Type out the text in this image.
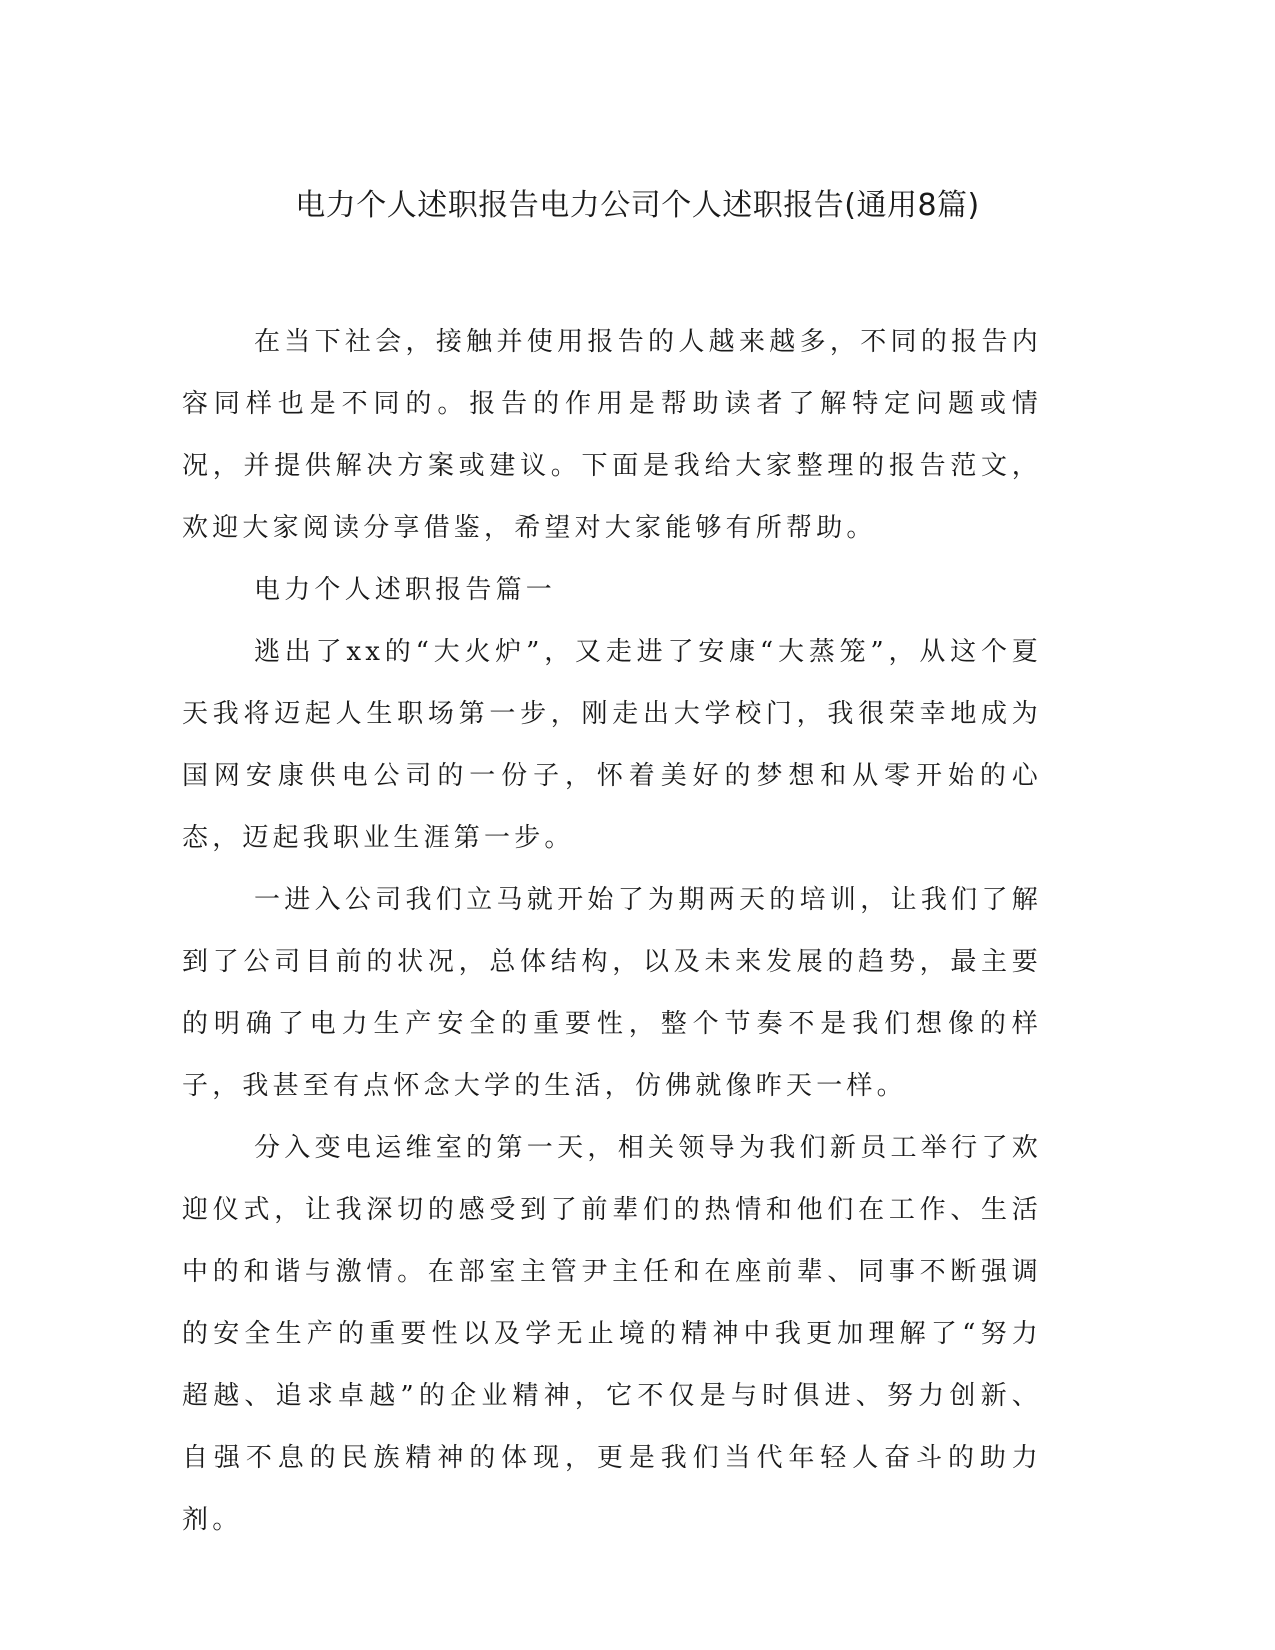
电力个人述职报告电力公司个人述职报告(通用8篇)

在当下社会，接触并使用报告的人越来越多，不同的报告内容同样也是不同的。报告的作用是帮助读者了解特定问题或情况，并提供解决方案或建议。下面是我给大家整理的报告范文，欢迎大家阅读分享借鉴，希望对大家能够有所帮助。

电力个人述职报告篇一

逃出了xx的“大火炉”，又走进了安康“大蒸笼”，从这个夏天我将迈起人生职场第一步，刚走出大学校门，我很荣幸地成为国网安康供电公司的一份子，怀着美好的梦想和从零开始的心态，迈起我职业生涯第一步。

一进入公司我们立马就开始了为期两天的培训，让我们了解到了公司目前的状况，总体结构，以及未来发展的趋势，最主要的明确了电力生产安全的重要性，整个节奏不是我们想像的样子，我甚至有点怀念大学的生活，仿佛就像昨天一样。

分入变电运维室的第一天，相关领导为我们新员工举行了欢迎仪式，让我深切的感受到了前辈们的热情和他们在工作、生活中的和谐与激情。在部室主管尹主任和在座前辈、同事不断强调的安全生产的重要性以及学无止境的精神中我更加理解了“努力超越、追求卓越”的企业精神，它不仅是与时俱进、努力创新、自强不息的民族精神的体现，更是我们当代年轻人奋斗的助力剂。
